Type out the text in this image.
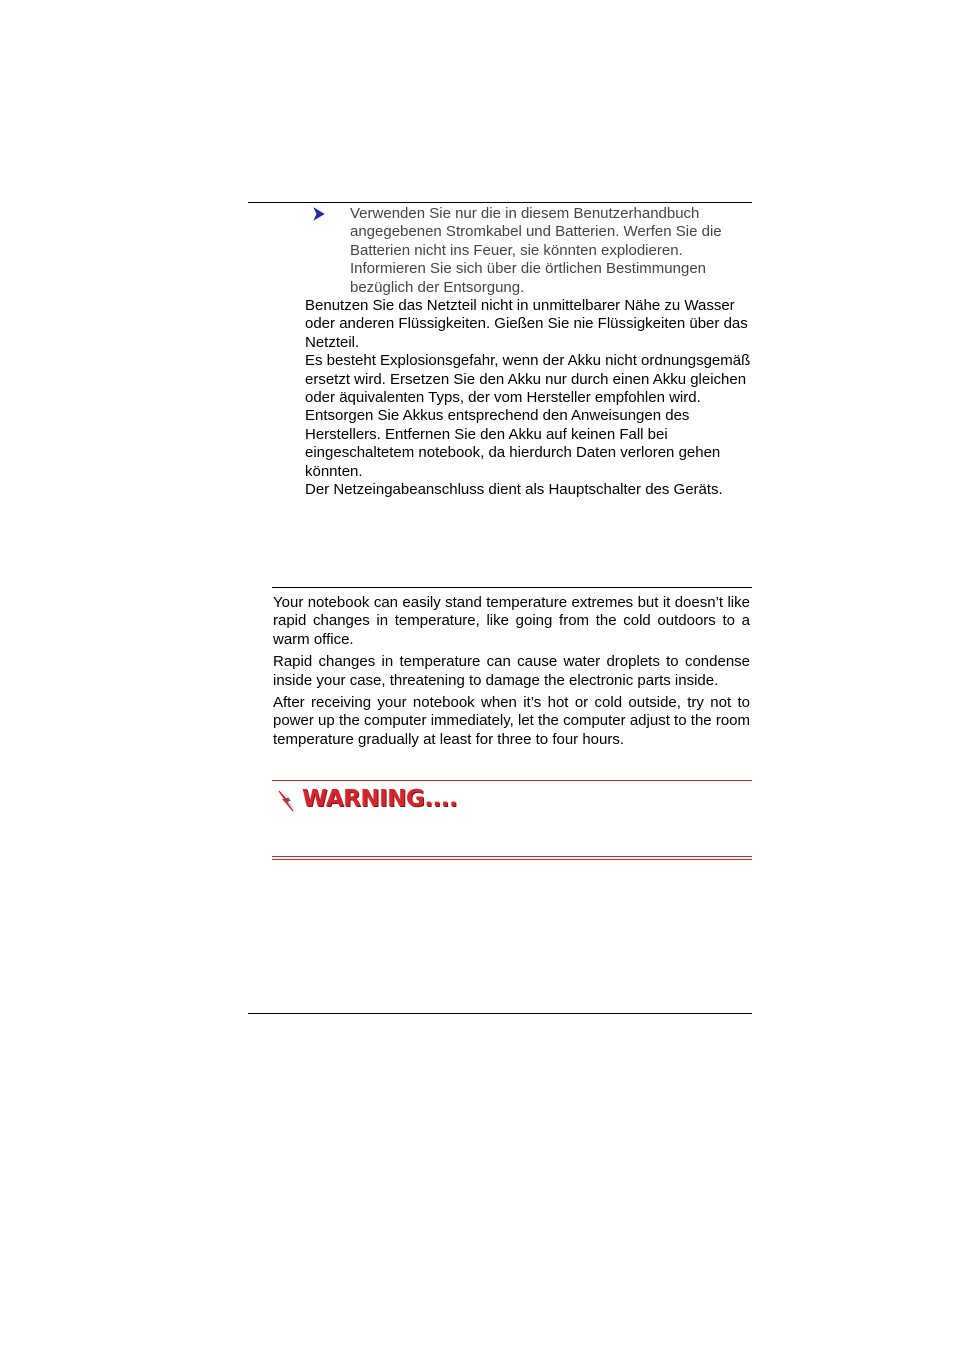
Verwenden Sie nur die in diesem Benutzerhandbuch angegebenen Stromkabel und Batterien. Werfen Sie die Batterien nicht ins Feuer, sie könnten explodieren. Informieren Sie sich über die örtlichen Bestimmungen bezüglich der Entsorgung.

Benutzen Sie das Netzteil nicht in unmittelbarer Nähe zu Wasser oder anderen Flüssigkeiten. Gießen Sie nie Flüssigkeiten über das Netzteil.

Es besteht Explosionsgefahr, wenn der Akku nicht ordnungsgemäß ersetzt wird. Ersetzen Sie den Akku nur durch einen Akku gleichen oder äquivalenten Typs, der vom Hersteller empfohlen wird. Entsorgen Sie Akkus entsprechend den Anweisungen des Herstellers. Entfernen Sie den Akku auf keinen Fall bei eingeschaltetem notebook, da hierdurch Daten verloren gehen könnten.

Der Netzeingabeanschluss dient als Hauptschalter des Geräts.

Your notebook can easily stand temperature extremes but it doesn’t like rapid changes in temperature, like going from the cold outdoors to a warm office.

Rapid changes in temperature can cause water droplets to condense inside your case, threatening to damage the electronic parts inside.

After receiving your notebook when it’s hot or cold outside, try not to power up the computer immediately, let the computer adjust to the room temperature gradually at least for three to four hours.

WARNING....
